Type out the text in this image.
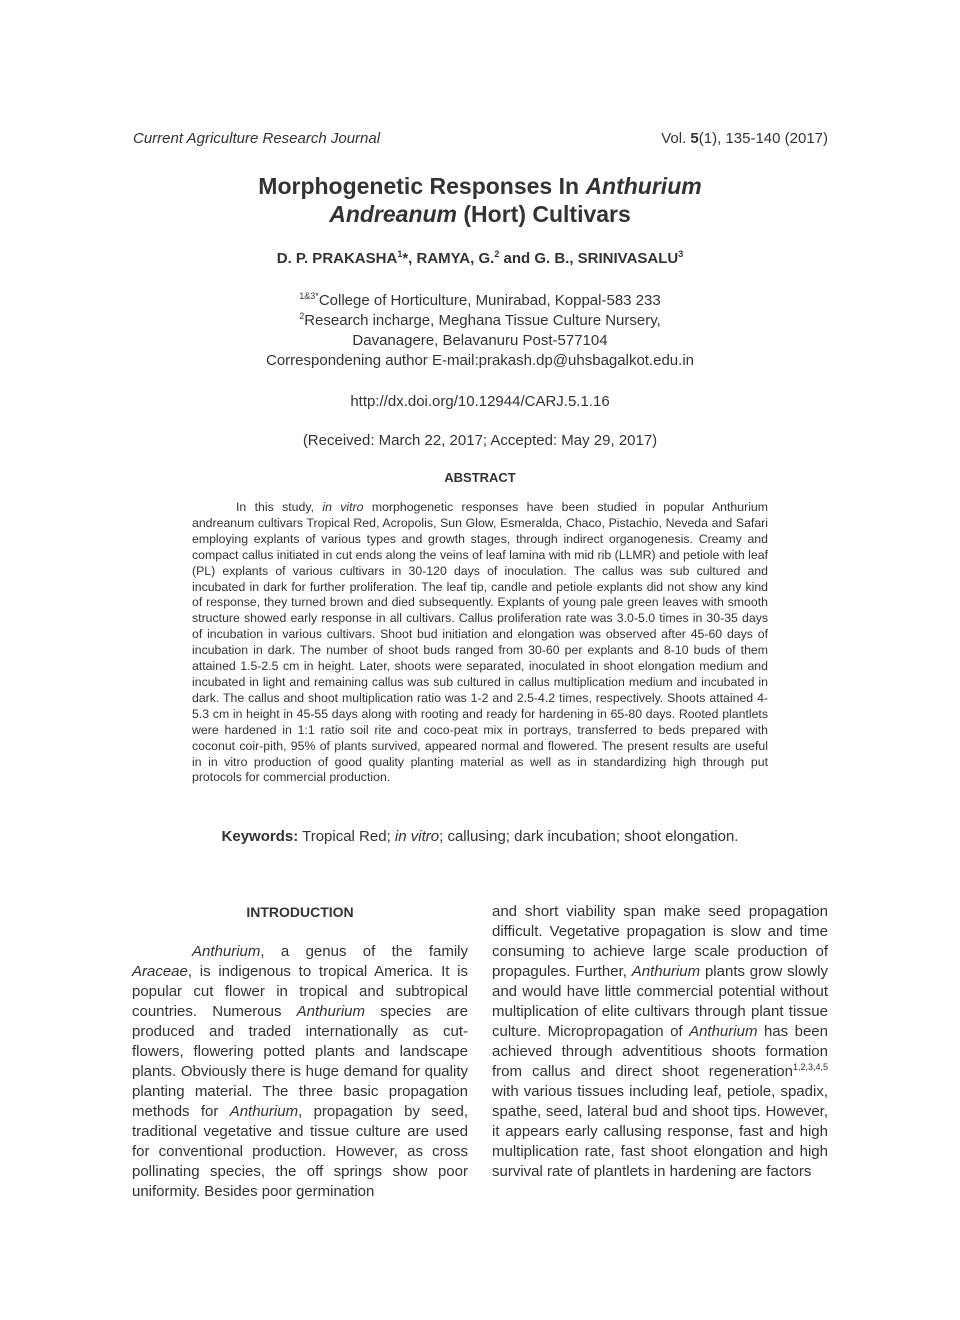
Current Agriculture Research Journal	Vol. 5(1), 135-140 (2017)
Morphogenetic Responses In Anthurium
Andreanum (Hort) Cultivars
D. P. PRAKASHA$^1$*, RAMYA, G.$^2$ and G. B., SRINIVASALU$^3$
$^{1\&3*}$College of Horticulture, Munirabad, Koppal-583 233
$^2$Research incharge, Meghana Tissue Culture Nursery,
Davanagere, Belavanuru Post-577104
Correspondening author E-mail:prakash.dp@uhsbagalkot.edu.in
http://dx.doi.org/10.12944/CARJ.5.1.16
(Received: March 22, 2017; Accepted: May 29, 2017)
ABSTRACT

In this study, in vitro morphogenetic responses have been studied in popular Anthurium andreanum cultivars Tropical Red, Acropolis, Sun Glow, Esmeralda, Chaco, Pistachio, Neveda and Safari employing explants of various types and growth stages, through indirect organogenesis. Creamy and compact callus initiated in cut ends along the veins of leaf lamina with mid rib (LLMR) and petiole with leaf (PL) explants of various cultivars in 30-120 days of inoculation. The callus was sub cultured and incubated in dark for further proliferation. The leaf tip, candle and petiole explants did not show any kind of response, they turned brown and died subsequently. Explants of young pale green leaves with smooth structure showed early response in all cultivars. Callus proliferation rate was 3.0-5.0 times in 30-35 days of incubation in various cultivars. Shoot bud initiation and elongation was observed after 45-60 days of incubation in dark. The number of shoot buds ranged from 30-60 per explants and 8-10 buds of them attained 1.5-2.5 cm in height. Later, shoots were separated, inoculated in shoot elongation medium and incubated in light and remaining callus was sub cultured in callus multiplication medium and incubated in dark. The callus and shoot multiplication ratio was 1-2 and 2.5-4.2 times, respectively. Shoots attained 4-5.3 cm in height in 45-55 days along with rooting and ready for hardening in 65-80 days. Rooted plantlets were hardened in 1:1 ratio soil rite and coco-peat mix in portrays, transferred to beds prepared with coconut coir-pith, 95% of plants survived, appeared normal and flowered. The present results are useful in in vitro production of good quality planting material as well as in standardizing high through put protocols for commercial production.

Keywords: Tropical Red; in vitro; callusing; dark incubation; shoot elongation.

INTRODUCTION

Anthurium, a genus of the family Araceae, is indigenous to tropical America. It is popular cut flower in tropical and subtropical countries. Numerous Anthurium species are produced and traded internationally as cut-flowers, flowering potted plants and landscape plants. Obviously there is huge demand for quality planting material. The three basic propagation methods for Anthurium, propagation by seed, traditional vegetative and tissue culture are used for conventional production. However, as cross pollinating species, the off springs show poor uniformity. Besides poor germination

and short viability span make seed propagation difficult. Vegetative propagation is slow and time consuming to achieve large scale production of propagules. Further, Anthurium plants grow slowly and would have little commercial potential without multiplication of elite cultivars through plant tissue culture. Micropropagation of Anthurium has been achieved through adventitious shoots formation from callus and direct shoot regeneration$^{1,2,3,4,5}$ with various tissues including leaf, petiole, spadix, spathe, seed, lateral bud and shoot tips. However, it appears early callusing response, fast and high multiplication rate, fast shoot elongation and high survival rate of plantlets in hardening are factors
